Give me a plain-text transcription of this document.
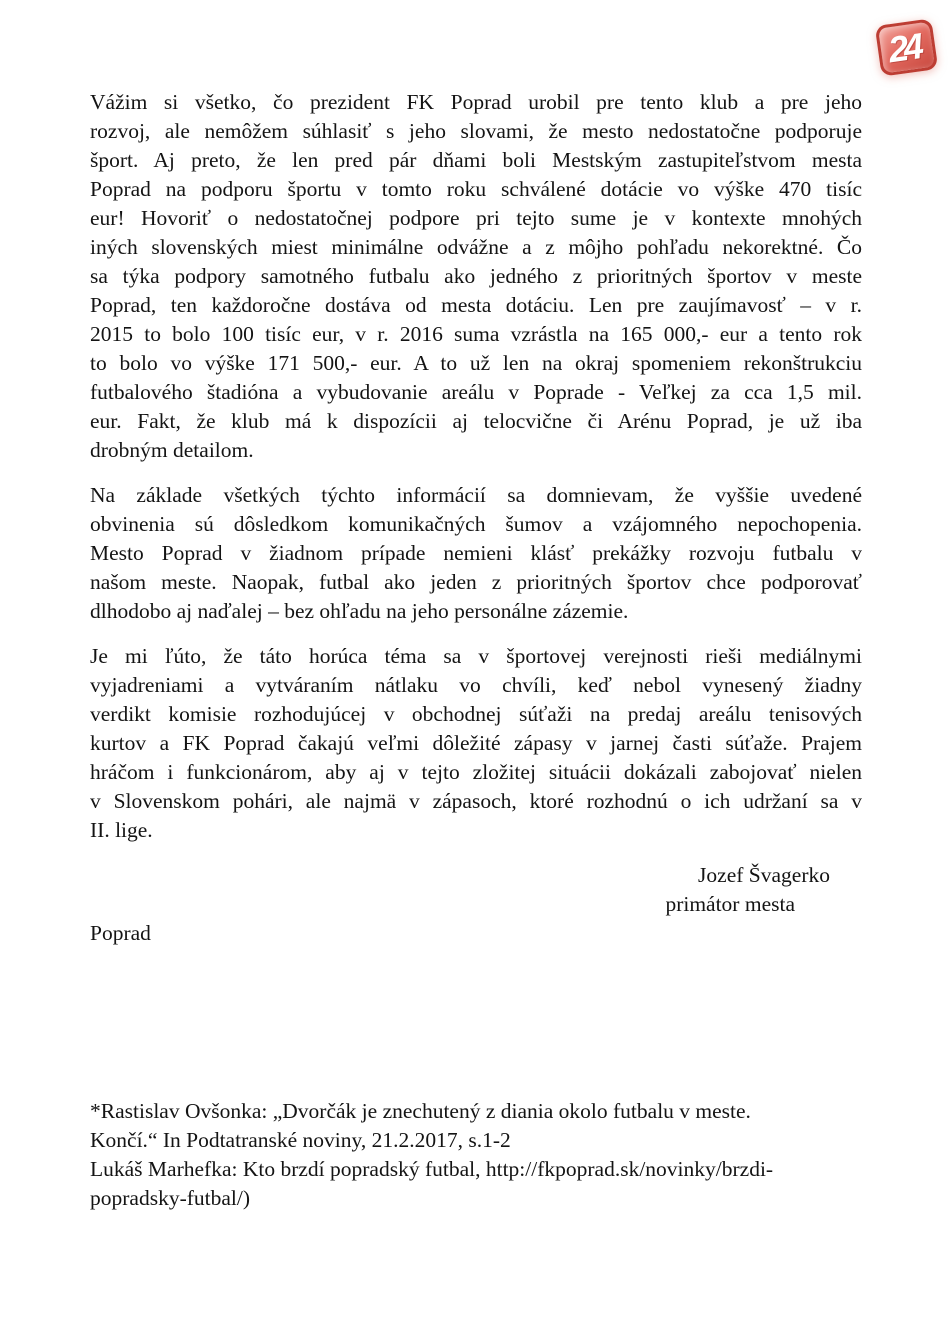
24
Vážim si všetko, čo prezident FK Poprad urobil pre tento klub a pre jeho
rozvoj, ale nemôžem súhlasiť s jeho slovami, že mesto nedostatočne podporuje
šport. Aj preto, že len pred pár dňami boli Mestským zastupiteľstvom mesta
Poprad na podporu športu v tomto roku schválené dotácie vo výške 470 tisíc
eur! Hovoriť o nedostatočnej podpore pri tejto sume je v kontexte mnohých
iných slovenských miest minimálne odvážne a z môjho pohľadu nekorektné. Čo
sa týka podpory samotného futbalu ako jedného z prioritných športov v meste
Poprad, ten každoročne dostáva od mesta dotáciu. Len pre zaujímavosť – v r.
2015 to bolo 100 tisíc eur, v r. 2016 suma vzrástla na 165 000,- eur a tento rok
to bolo vo výške 171 500,- eur. A to už len na okraj spomeniem rekonštrukciu
futbalového štadióna a vybudovanie areálu v Poprade - Veľkej za cca 1,5 mil.
eur. Fakt, že klub má k dispozícii aj telocvične či Arénu Poprad, je už iba
drobným detailom.
Na základe všetkých týchto informácií sa domnievam, že vyššie uvedené
obvinenia sú dôsledkom komunikačných šumov a vzájomného nepochopenia.
Mesto Poprad v žiadnom prípade nemieni klásť prekážky rozvoju futbalu v
našom meste. Naopak, futbal ako jeden z prioritných športov chce podporovať
dlhodobo aj naďalej – bez ohľadu na jeho personálne zázemie.
Je mi ľúto, že táto horúca téma sa v športovej verejnosti rieši mediálnymi
vyjadreniami a vytváraním nátlaku vo chvíli, keď nebol vynesený žiadny
verdikt komisie rozhodujúcej v obchodnej súťaži na predaj areálu tenisových
kurtov a FK Poprad čakajú veľmi dôležité zápasy v jarnej časti súťaže. Prajem
hráčom i funkcionárom, aby aj v tejto zložitej situácii dokázali zabojovať nielen
v Slovenskom pohári, ale najmä v zápasoch, ktoré rozhodnú o ich udržaní sa v
II. lige.
Jozef Švagerko
primátor mesta
Poprad
*Rastislav Ovšonka: „Dvorčák je znechutený z diania okolo futbalu v meste.
Končí.“ In Podtatranské noviny, 21.2.2017, s.1-2
Lukáš Marhefka: Kto brzdí popradský futbal, http://fkpoprad.sk/novinky/brzdi-
popradsky-futbal/)
